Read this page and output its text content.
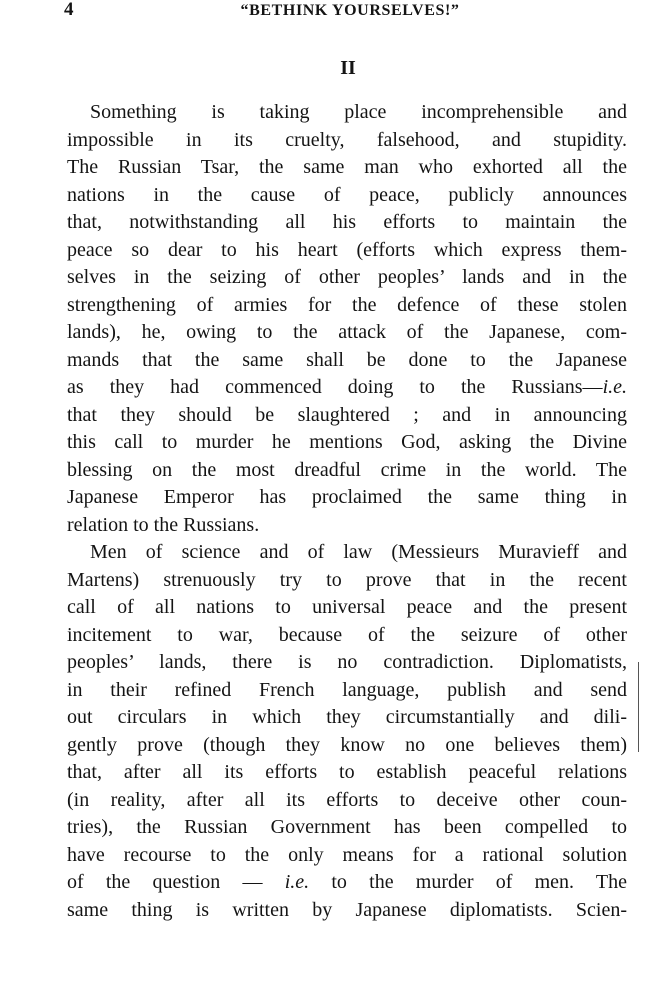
4	“BETHINK YOURSELVES!”
II
Something is taking place incomprehensible and
impossible in its cruelty, falsehood, and stupidity.
The Russian Tsar, the same man who exhorted all the
nations in the cause of peace, publicly announces
that, notwithstanding all his efforts to maintain the
peace so dear to his heart (efforts which express them-
selves in the seizing of other peoples’ lands and in the
strengthening of armies for the defence of these stolen
lands), he, owing to the attack of the Japanese, com-
mands that the same shall be done to the Japanese
as they had commenced doing to the Russians—i.e.
that they should be slaughtered ; and in announcing
this call to murder he mentions God, asking the Divine
blessing on the most dreadful crime in the world. The
Japanese Emperor has proclaimed the same thing in
relation to the Russians.
Men of science and of law (Messieurs Muravieff and
Martens) strenuously try to prove that in the recent
call of all nations to universal peace and the present
incitement to war, because of the seizure of other
peoples’ lands, there is no contradiction. Diplomatists,
in their refined French language, publish and send
out circulars in which they circumstantially and dili-
gently prove (though they know no one believes them)
that, after all its efforts to establish peaceful relations
(in reality, after all its efforts to deceive other coun-
tries), the Russian Government has been compelled to
have recourse to the only means for a rational solution
of the question — i.e. to the murder of men. The
same thing is written by Japanese diplomatists. Scien-
